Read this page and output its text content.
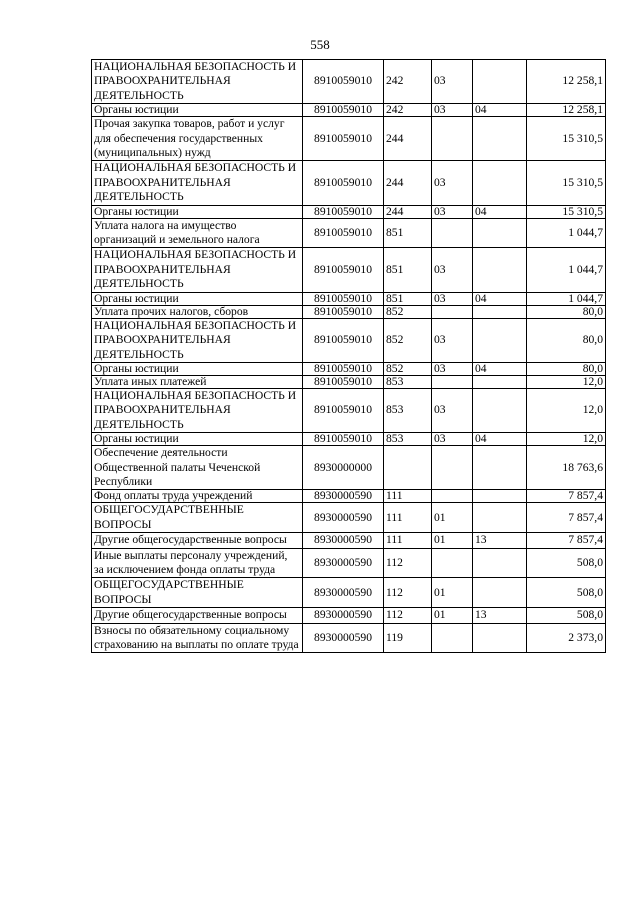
558
НАЦИОНАЛЬНАЯ БЕЗОПАСНОСТЬ И ПРАВООХРАНИТЕЛЬНАЯ ДЕЯТЕЛЬНОСТЬ	8910059010	242	03		12 258,1
Органы юстиции	8910059010	242	03	04	12 258,1
Прочая закупка товаров, работ и услуг для обеспечения государственных (муниципальных) нужд	8910059010	244			15 310,5
НАЦИОНАЛЬНАЯ БЕЗОПАСНОСТЬ И ПРАВООХРАНИТЕЛЬНАЯ ДЕЯТЕЛЬНОСТЬ	8910059010	244	03		15 310,5
Органы юстиции	8910059010	244	03	04	15 310,5
Уплата налога на имущество организаций и земельного налога	8910059010	851			1 044,7
НАЦИОНАЛЬНАЯ БЕЗОПАСНОСТЬ И ПРАВООХРАНИТЕЛЬНАЯ ДЕЯТЕЛЬНОСТЬ	8910059010	851	03		1 044,7
Органы юстиции	8910059010	851	03	04	1 044,7
Уплата прочих налогов, сборов	8910059010	852			80,0
НАЦИОНАЛЬНАЯ БЕЗОПАСНОСТЬ И ПРАВООХРАНИТЕЛЬНАЯ ДЕЯТЕЛЬНОСТЬ	8910059010	852	03		80,0
Органы юстиции	8910059010	852	03	04	80,0
Уплата иных платежей	8910059010	853			12,0
НАЦИОНАЛЬНАЯ БЕЗОПАСНОСТЬ И ПРАВООХРАНИТЕЛЬНАЯ ДЕЯТЕЛЬНОСТЬ	8910059010	853	03		12,0
Органы юстиции	8910059010	853	03	04	12,0
Обеспечение деятельности Общественной палаты Чеченской Республики	8930000000				18 763,6
Фонд оплаты труда учреждений	8930000590	111			7 857,4
ОБЩЕГОСУДАРСТВЕННЫЕ ВОПРОСЫ	8930000590	111	01		7 857,4
Другие общегосударственные вопросы	8930000590	111	01	13	7 857,4
Иные выплаты персоналу учреждений, за исключением фонда оплаты труда	8930000590	112			508,0
ОБЩЕГОСУДАРСТВЕННЫЕ ВОПРОСЫ	8930000590	112	01		508,0
Другие общегосударственные вопросы	8930000590	112	01	13	508,0
Взносы по обязательному социальному страхованию на выплаты по оплате труда	8930000590	119			2 373,0
